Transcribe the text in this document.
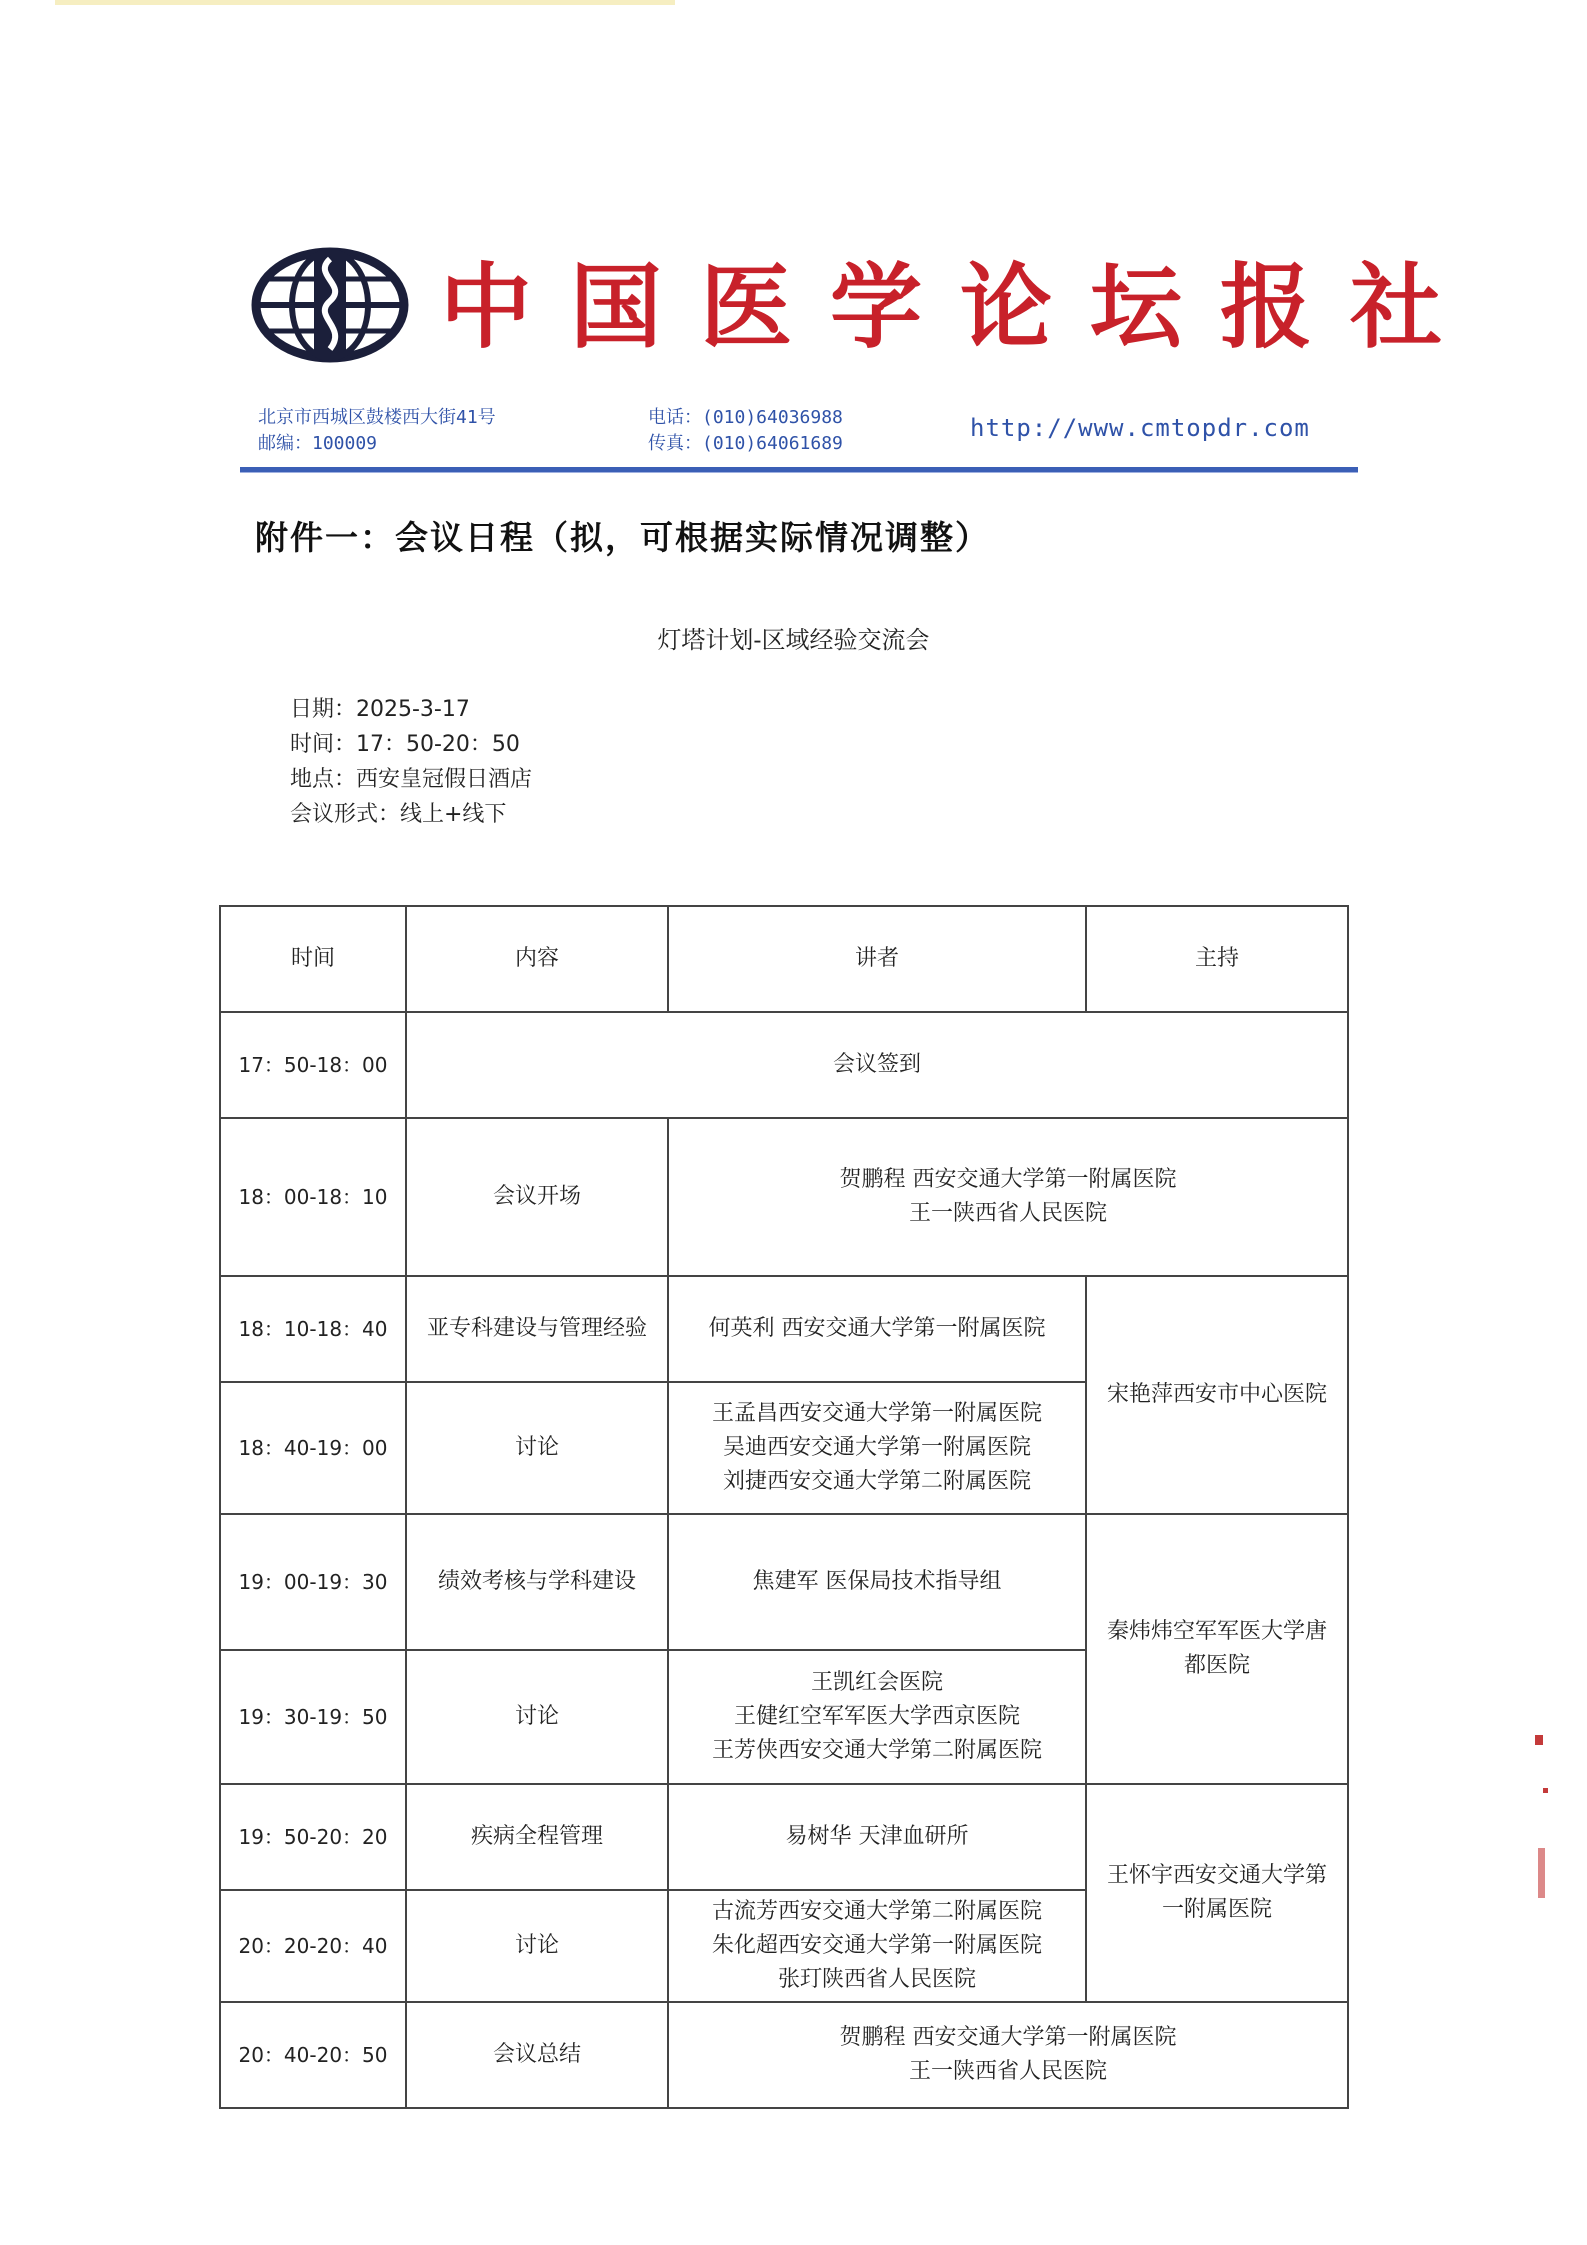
中国医学论坛报社
北京市西城区鼓楼西大街41号
邮编：100009
电话：(010)64036988
传真：(010)64061689
http://www.cmtopdr.com
附件一：会议日程（拟，可根据实际情况调整）
灯塔计划-区域经验交流会
日期：2025-3-17
时间：17：50-20：50
地点：西安皇冠假日酒店
会议形式：线上+线下
时间	内容	讲者	主持
17：50-18：00	会议签到		
18：00-18：10	会议开场	贺鹏程 西安交通大学第一附属医院
王一陕西省人民医院	

18：10-18：40	亚专科建设与管理经验	何英利 西安交通大学第一附属医院	宋艳萍西安市中心医院
18：40-19：00	讨论	王孟昌西安交通大学第一附属医院
吴迪西安交通大学第一附属医院
刘捷西安交通大学第二附属医院	

19：00-19：30	绩效考核与学科建设	焦建军 医保局技术指导组	秦炜炜空军军医大学唐都医院
19：30-19：50	讨论	王凯红会医院
王健红空军军医大学西京医院
王芳侠西安交通大学第二附属医院	

19：50-20：20	疾病全程管理	易树华 天津血研所	王怀宇西安交通大学第一附属医院
20：20-20：40	讨论	古流芳西安交通大学第二附属医院
朱化超西安交通大学第一附属医院
张玎陕西省人民医院	

20：40-20：50	会议总结	贺鹏程 西安交通大学第一附属医院
王一陕西省人民医院	
